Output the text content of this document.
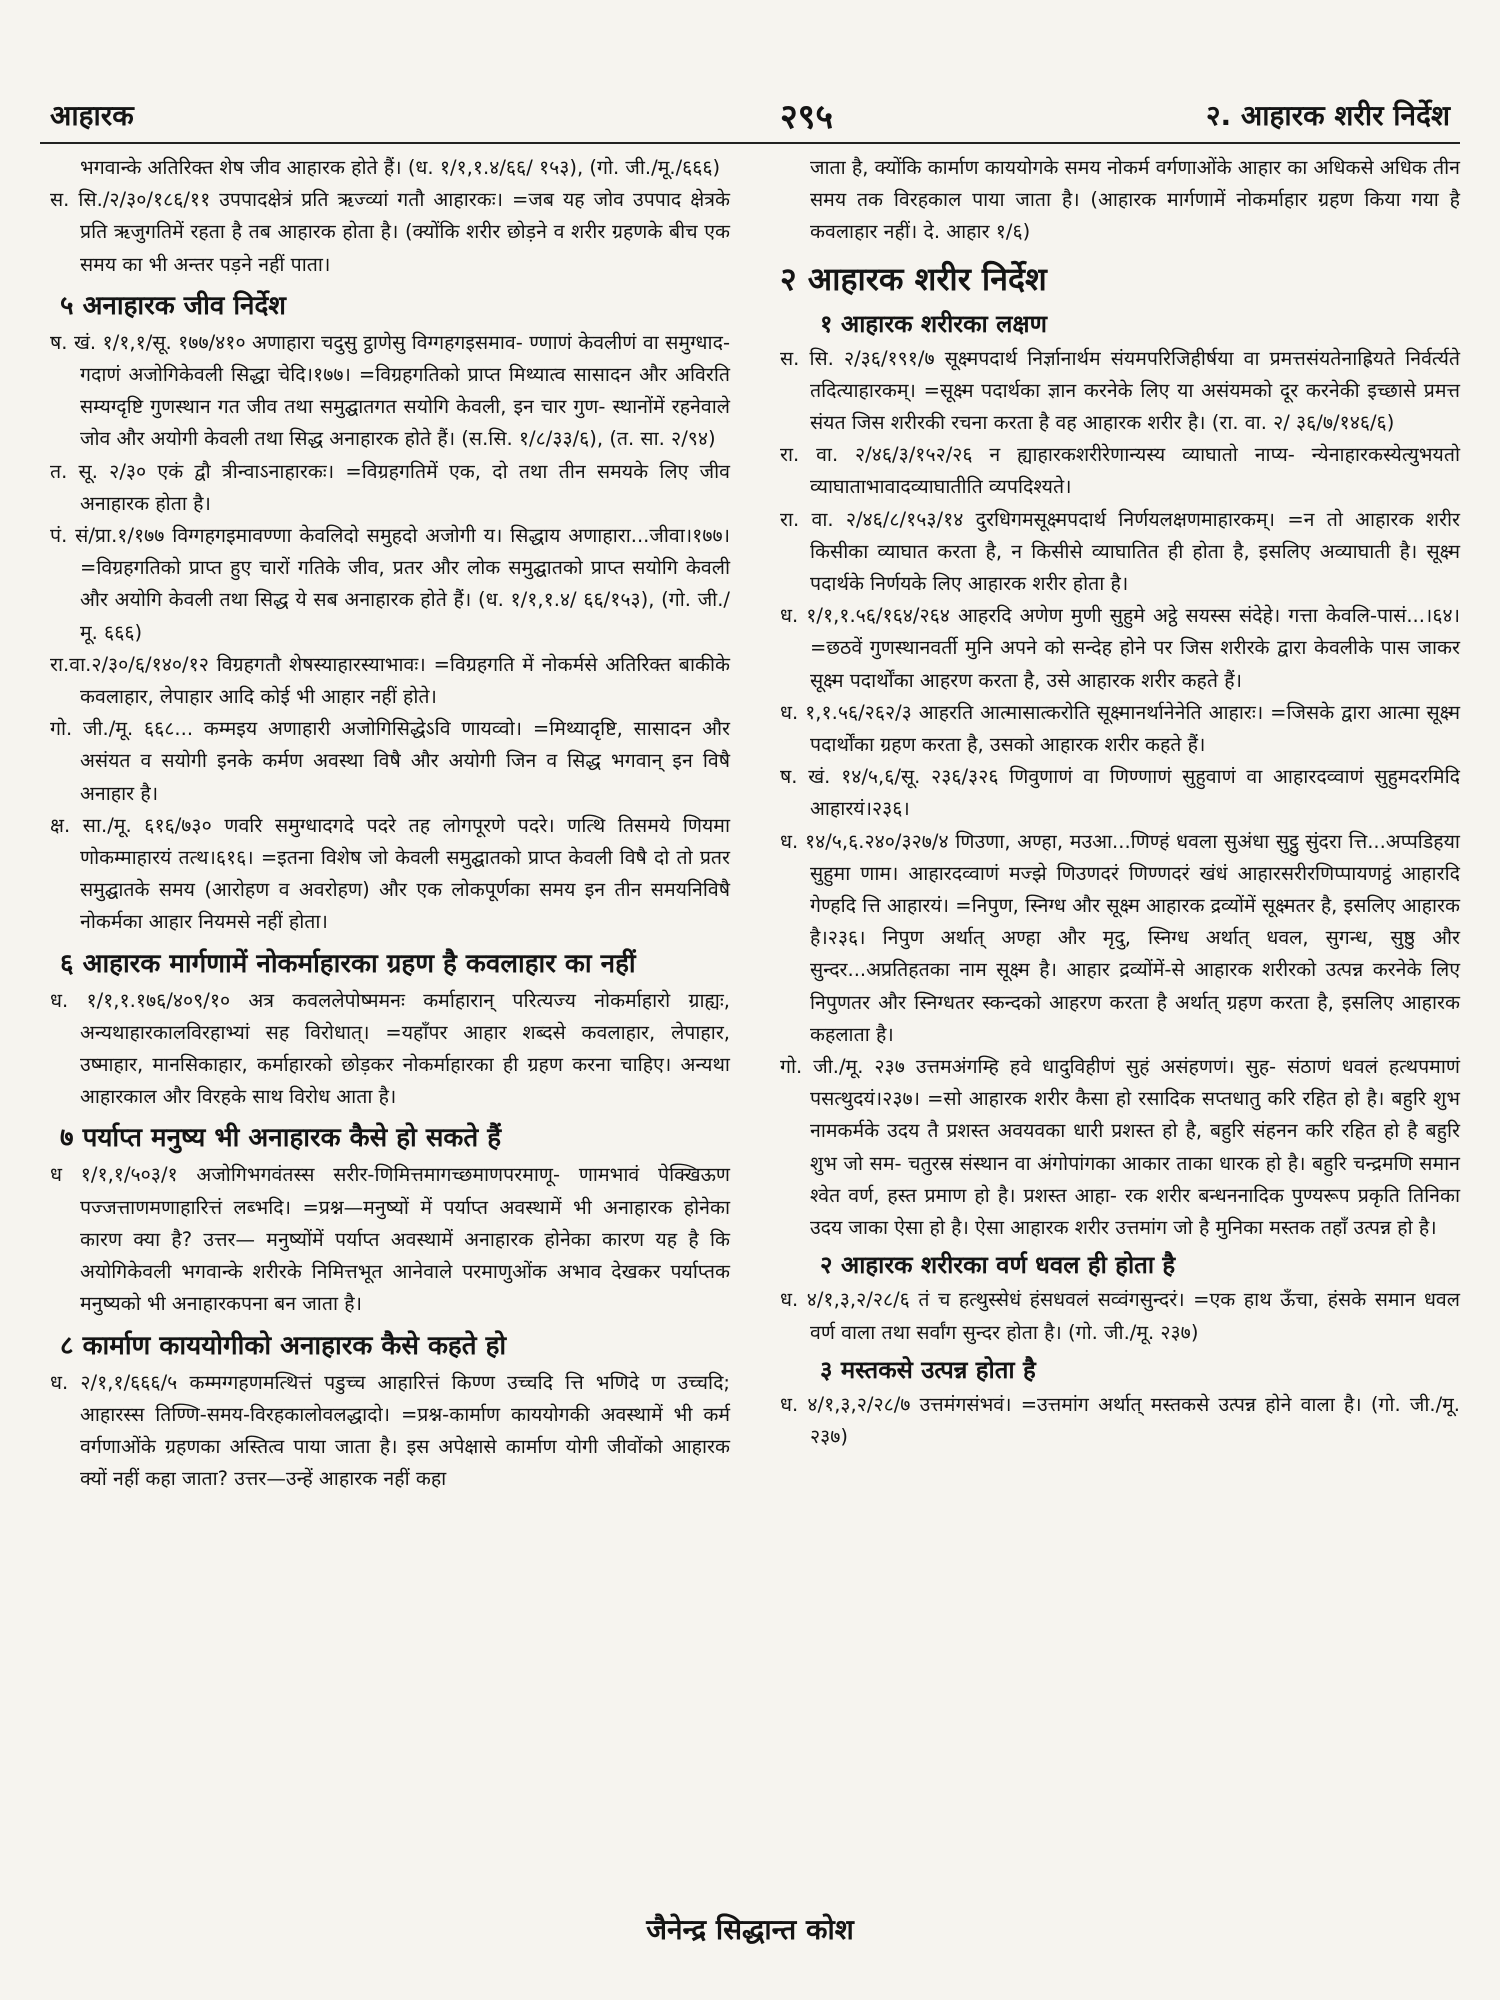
आहारक	२९५	२. आहारक शरीर निर्देश

भगवान्के अतिरिक्त शेष जीव आहारक होते हैं। (ध. १/१,१.४/६६/ १५३), (गो. जी./मू./६६६)

स. सि./२/३०/१८६/११ उपपादक्षेत्रं प्रति ऋज्व्यां गतौ आहारकः। =जब यह जोव उपपाद क्षेत्रके प्रति ऋजुगतिमें रहता है तब आहारक होता है। (क्योंकि शरीर छोड़ने व शरीर ग्रहणके बीच एक समय का भी अन्तर पड़ने नहीं पाता।

५ अनाहारक जीव निर्देश

ष. खं. १/१,१/सू. १७७/४१० अणाहारा चदुसु ट्ठाणेसु विग्गहगइसमाव- ण्णाणं केवलीणं वा समुग्धाद-गदाणं अजोगिकेवली सिद्धा चेदि।१७७। =विग्रहगतिको प्राप्त मिथ्यात्व सासादन और अविरति सम्यग्दृष्टि गुणस्थान गत जीव तथा समुद्घातगत सयोगि केवली, इन चार गुण- स्थानोंमें रहनेवाले जोव और अयोगी केवली तथा सिद्ध अनाहारक होते हैं। (स.सि. १/८/३३/६), (त. सा. २/९४)

त. सू. २/३० एकं द्वौ त्रीन्वाऽनाहारकः। =विग्रहगतिमें एक, दो तथा तीन समयके लिए जीव अनाहारक होता है।

पं. सं/प्रा.१/१७७ विग्गहगइमावण्णा केवलिदो समुहदो अजोगी य। सिद्धाय अणाहारा...जीवा।१७७। =विग्रहगतिको प्राप्त हुए चारों गतिके जीव, प्रतर और लोक समुद्घातको प्राप्त सयोगि केवली और अयोगि केवली तथा सिद्ध ये सब अनाहारक होते हैं। (ध. १/१,१.४/ ६६/१५३), (गो. जी./मू. ६६६)

रा.वा.२/३०/६/१४०/१२ विग्रहगतौ शेषस्याहारस्याभावः। =विग्रहगति में नोकर्मसे अतिरिक्त बाकीके कवलाहार, लेपाहार आदि कोई भी आहार नहीं होते।

गो. जी./मू. ६६८... कम्मइय अणाहारी अजोगिसिद्धेऽवि णायव्वो। =मिथ्यादृष्टि, सासादन और असंयत व सयोगी इनके कर्मण अवस्था विषै और अयोगी जिन व सिद्ध भगवान् इन विषै अनाहार है।

क्ष. सा./मू. ६१६/७३० णवरि समुग्धादगदे पदरे तह लोगपूरणे पदरे। णत्थि तिसमये णियमा णोकम्माहारयं तत्थ।६१६। =इतना विशेष जो केवली समुद्घातको प्राप्त केवली विषै दो तो प्रतर समुद्घातके समय (आरोहण व अवरोहण) और एक लोकपूर्णका समय इन तीन समयनिविषै नोकर्मका आहार नियमसे नहीं होता।

६ आहारक मार्गणामें नोकर्माहारका ग्रहण है कवलाहार का नहीं

ध. १/१,१.१७६/४०९/१० अत्र कवललेपोष्ममनः कर्माहारान् परित्यज्य नोकर्माहारो ग्राह्यः, अन्यथाहारकालविरहाभ्यां सह विरोधात्। =यहाँपर आहार शब्दसे कवलाहार, लेपाहार, उष्माहार, मानसिकाहार, कर्माहारको छोड़कर नोकर्माहारका ही ग्रहण करना चाहिए। अन्यथा आहारकाल और विरहके साथ विरोध आता है।

७ पर्याप्त मनुष्य भी अनाहारक कैसे हो सकते हैं

ध १/१,१/५०३/१ अजोगिभगवंतस्स सरीर-णिमित्तमागच्छमाणपरमाणू- णामभावं पेक्खिऊण पज्जत्ताणमणाहारित्तं लब्भदि। =प्रश्न—मनुष्यों में पर्याप्त अवस्थामें भी अनाहारक होनेका कारण क्या है? उत्तर— मनुष्योंमें पर्याप्त अवस्थामें अनाहारक होनेका कारण यह है कि अयोगिकेवली भगवान्के शरीरके निमित्तभूत आनेवाले परमाणुओंक अभाव देखकर पर्याप्तक मनुष्यको भी अनाहारकपना बन जाता है।

८ कार्माण काययोगीको अनाहारक कैसे कहते हो

ध. २/१,१/६६६/५ कम्मग्गहणमत्थित्तं पडुच्च आहारित्तं किण्ण उच्चदि त्ति भणिदे ण उच्चदि; आहारस्स तिण्णि-समय-विरहकालोवलद्धादो। =प्रश्न-कार्माण काययोगकी अवस्थामें भी कर्म वर्गणाओंके ग्रहणका अस्तित्व पाया जाता है। इस अपेक्षासे कार्माण योगी जीवोंको आहारक क्यों नहीं कहा जाता? उत्तर—उन्हें आहारक नहीं कहा

जाता है, क्योंकि कार्माण काययोगके समय नोकर्म वर्गणाओंके आहार का अधिकसे अधिक तीन समय तक विरहकाल पाया जाता है। (आहारक मार्गणामें नोकर्माहार ग्रहण किया गया है कवलाहार नहीं। दे. आहार १/६)

२ आहारक शरीर निर्देश
१ आहारक शरीरका लक्षण

स. सि. २/३६/१९१/७ सूक्ष्मपदार्थ निर्ज्ञानार्थम संयमपरिजिहीर्षया वा प्रमत्तसंयतेनाह्रियते निर्वर्त्यते तदित्याहारकम्। =सूक्ष्म पदार्थका ज्ञान करनेके लिए या असंयमको दूर करनेकी इच्छासे प्रमत्त संयत जिस शरीरकी रचना करता है वह आहारक शरीर है। (रा. वा. २/ ३६/७/१४६/६)

रा. वा. २/४६/३/१५२/२६ न ह्याहारकशरीरेणान्यस्य व्याघातो नाप्य- न्येनाहारकस्येत्युभयतो व्याघाताभावादव्याघातीति व्यपदिश्यते।

रा. वा. २/४६/८/१५३/१४ दुरधिगमसूक्ष्मपदार्थ निर्णयलक्षणमाहारकम्। =न तो आहारक शरीर किसीका व्याघात करता है, न किसीसे व्याघातित ही होता है, इसलिए अव्याघाती है। सूक्ष्म पदार्थके निर्णयके लिए आहारक शरीर होता है।

ध. १/१,१.५६/१६४/२६४ आहरदि अणेण मुणी सुहुमे अट्ठे सयस्स संदेहे। गत्ता केवलि-पासं...।६४। =छठवें गुणस्थानवर्ती मुनि अपने को सन्देह होने पर जिस शरीरके द्वारा केवलीके पास जाकर सूक्ष्म पदार्थोंका आहरण करता है, उसे आहारक शरीर कहते हैं।

ध. १,१.५६/२६२/३ आहरति आत्मासात्करोति सूक्ष्मानर्थानेनेति आहारः। =जिसके द्वारा आत्मा सूक्ष्म पदार्थोंका ग्रहण करता है, उसको आहारक शरीर कहते हैं।

ष. खं. १४/५,६/सू. २३६/३२६ णिवुणाणं वा णिण्णाणं सुहुवाणं वा आहारदव्वाणं सुहुमदरमिदि आहारयं।२३६।

ध. १४/५,६.२४०/३२७/४ णिउणा, अण्हा, मउआ...णिण्हं धवला सुअंधा सुट्ठु सुंदरा त्ति...अप्पडिहया सुहुमा णाम। आहारदव्वाणं मज्झे णिउणदरं णिण्णदरं खंधं आहारसरीरणिप्पायणट्ठं आहारदि गेण्हदि त्ति आहारयं। =निपुण, स्निग्ध और सूक्ष्म आहारक द्रव्योंमें सूक्ष्मतर है, इसलिए आहारक है।२३६। निपुण अर्थात् अण्हा और मृदु, स्निग्ध अर्थात् धवल, सुगन्ध, सुष्ठु और सुन्दर...अप्रतिहतका नाम सूक्ष्म है। आहार द्रव्योंमें-से आहारक शरीरको उत्पन्न करनेके लिए निपुणतर और स्निग्धतर स्कन्दको आहरण करता है अर्थात् ग्रहण करता है, इसलिए आहारक कहलाता है।

गो. जी./मू. २३७ उत्तमअंगम्हि हवे धादुविहीणं सुहं असंहणणं। सुह- संठाणं धवलं हत्थपमाणं पसत्थुदयं।२३७। =सो आहारक शरीर कैसा हो रसादिक सप्तधातु करि रहित हो है। बहुरि शुभ नामकर्मके उदय तै प्रशस्त अवयवका धारी प्रशस्त हो है, बहुरि संहनन करि रहित हो है बहुरि शुभ जो सम- चतुरस्र संस्थान वा अंगोपांगका आकार ताका धारक हो है। बहुरि चन्द्रमणि समान श्वेत वर्ण, हस्त प्रमाण हो है। प्रशस्त आहा- रक शरीर बन्धननादिक पुण्यरूप प्रकृति तिनिका उदय जाका ऐसा हो है। ऐसा आहारक शरीर उत्तमांग जो है मुनिका मस्तक तहाँ उत्पन्न हो है।

२ आहारक शरीरका वर्ण धवल ही होता है

ध. ४/१,३,२/२८/६ तं च हत्थुस्सेधं हंसधवलं सव्वंगसुन्दरं। =एक हाथ ऊँचा, हंसके समान धवल वर्ण वाला तथा सर्वांग सुन्दर होता है। (गो. जी./मू. २३७)

३ मस्तकसे उत्पन्न होता है

ध. ४/१,३,२/२८/७ उत्तमंगसंभवं। =उत्तमांग अर्थात् मस्तकसे उत्पन्न होने वाला है। (गो. जी./मू. २३७)

जैनेन्द्र सिद्धान्त कोश
